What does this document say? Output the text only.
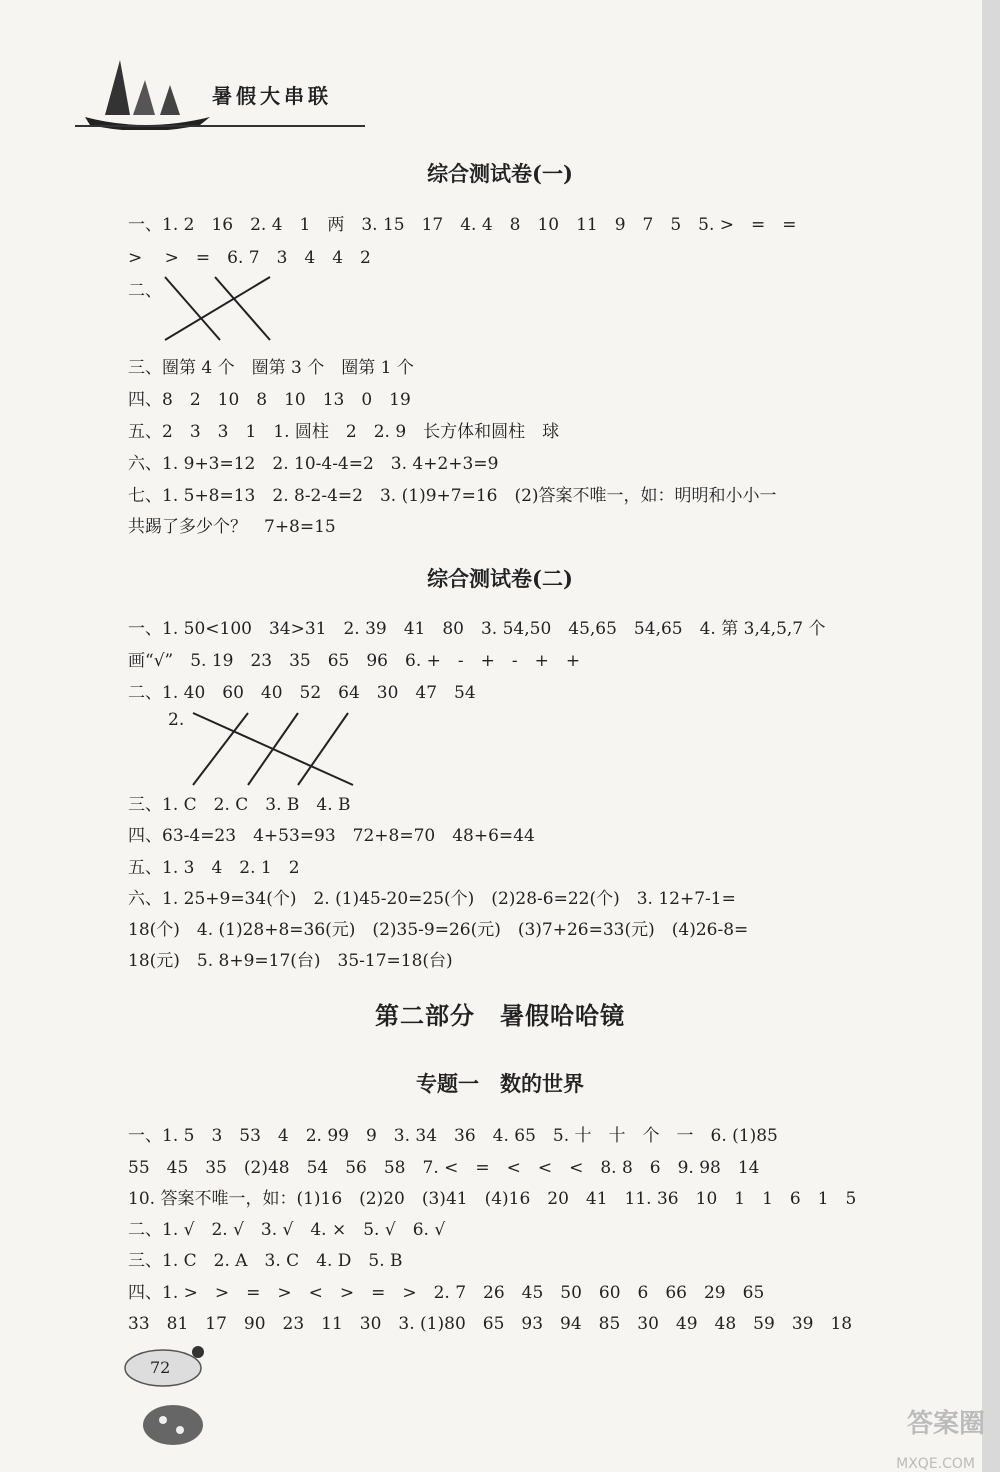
暑假大串联
综合测试卷(一)
一、1. 2　16　2. 4　1　两　3. 15　17　4. 4　8　10　11　9　7　5　5. >　=　=
> 　>　=　6. 7　3　4　4　2
二、
三、圈第 4 个　圈第 3 个　圈第 1 个
四、8　2　10　8　10　13　0　19
五、2　3　3　1　1. 圆柱　2　2. 9　长方体和圆柱　球
六、1. 9+3=12　2. 10-4-4=2　3. 4+2+3=9
七、1. 5+8=13　2. 8-2-4=2　3. (1)9+7=16　(2)答案不唯一，如：明明和小小一
共踢了多少个？　7+8=15
综合测试卷(二)
一、1. 50<100　34>31　2. 39　41　80　3. 54,50　45,65　54,65　4. 第 3,4,5,7 个
画“√”　5. 19　23　35　65　96　6. +　-　+　-　+　+
二、1. 40　60　40　52　64　30　47　54
2.
三、1. C　2. C　3. B　4. B
四、63-4=23　4+53=93　72+8=70　48+6=44
五、1. 3　4　2. 1　2
六、1. 25+9=34(个)　2. (1)45-20=25(个)　(2)28-6=22(个)　3. 12+7-1=
18(个)　4. (1)28+8=36(元)　(2)35-9=26(元)　(3)7+26=33(元)　(4)26-8=
18(元)　5. 8+9=17(台)　35-17=18(台)
第二部分　暑假哈哈镜
专题一　数的世界
一、1. 5　3　53　4　2. 99　9　3. 34　36　4. 65　5. 十　十　个　一　6. (1)85
55　45　35　(2)48　54　56　58　7. <　=　<　<　<　8. 8　6　9. 98　14
10. 答案不唯一，如：(1)16　(2)20　(3)41　(4)16　20　41　11. 36　10　1　1　6　1　5
二、1. √　2. √　3. √　4. ×　5. √　6. √
三、1. C　2. A　3. C　4. D　5. B
四、1. >　>　=　>　<　>　=　>　2. 7　26　45　50　60　6　66　29　65
33　81　17　90　23　11　30　3. (1)80　65　93　94　85　30　49　48　59　39　18
72
答案圈
MXQE.COM
